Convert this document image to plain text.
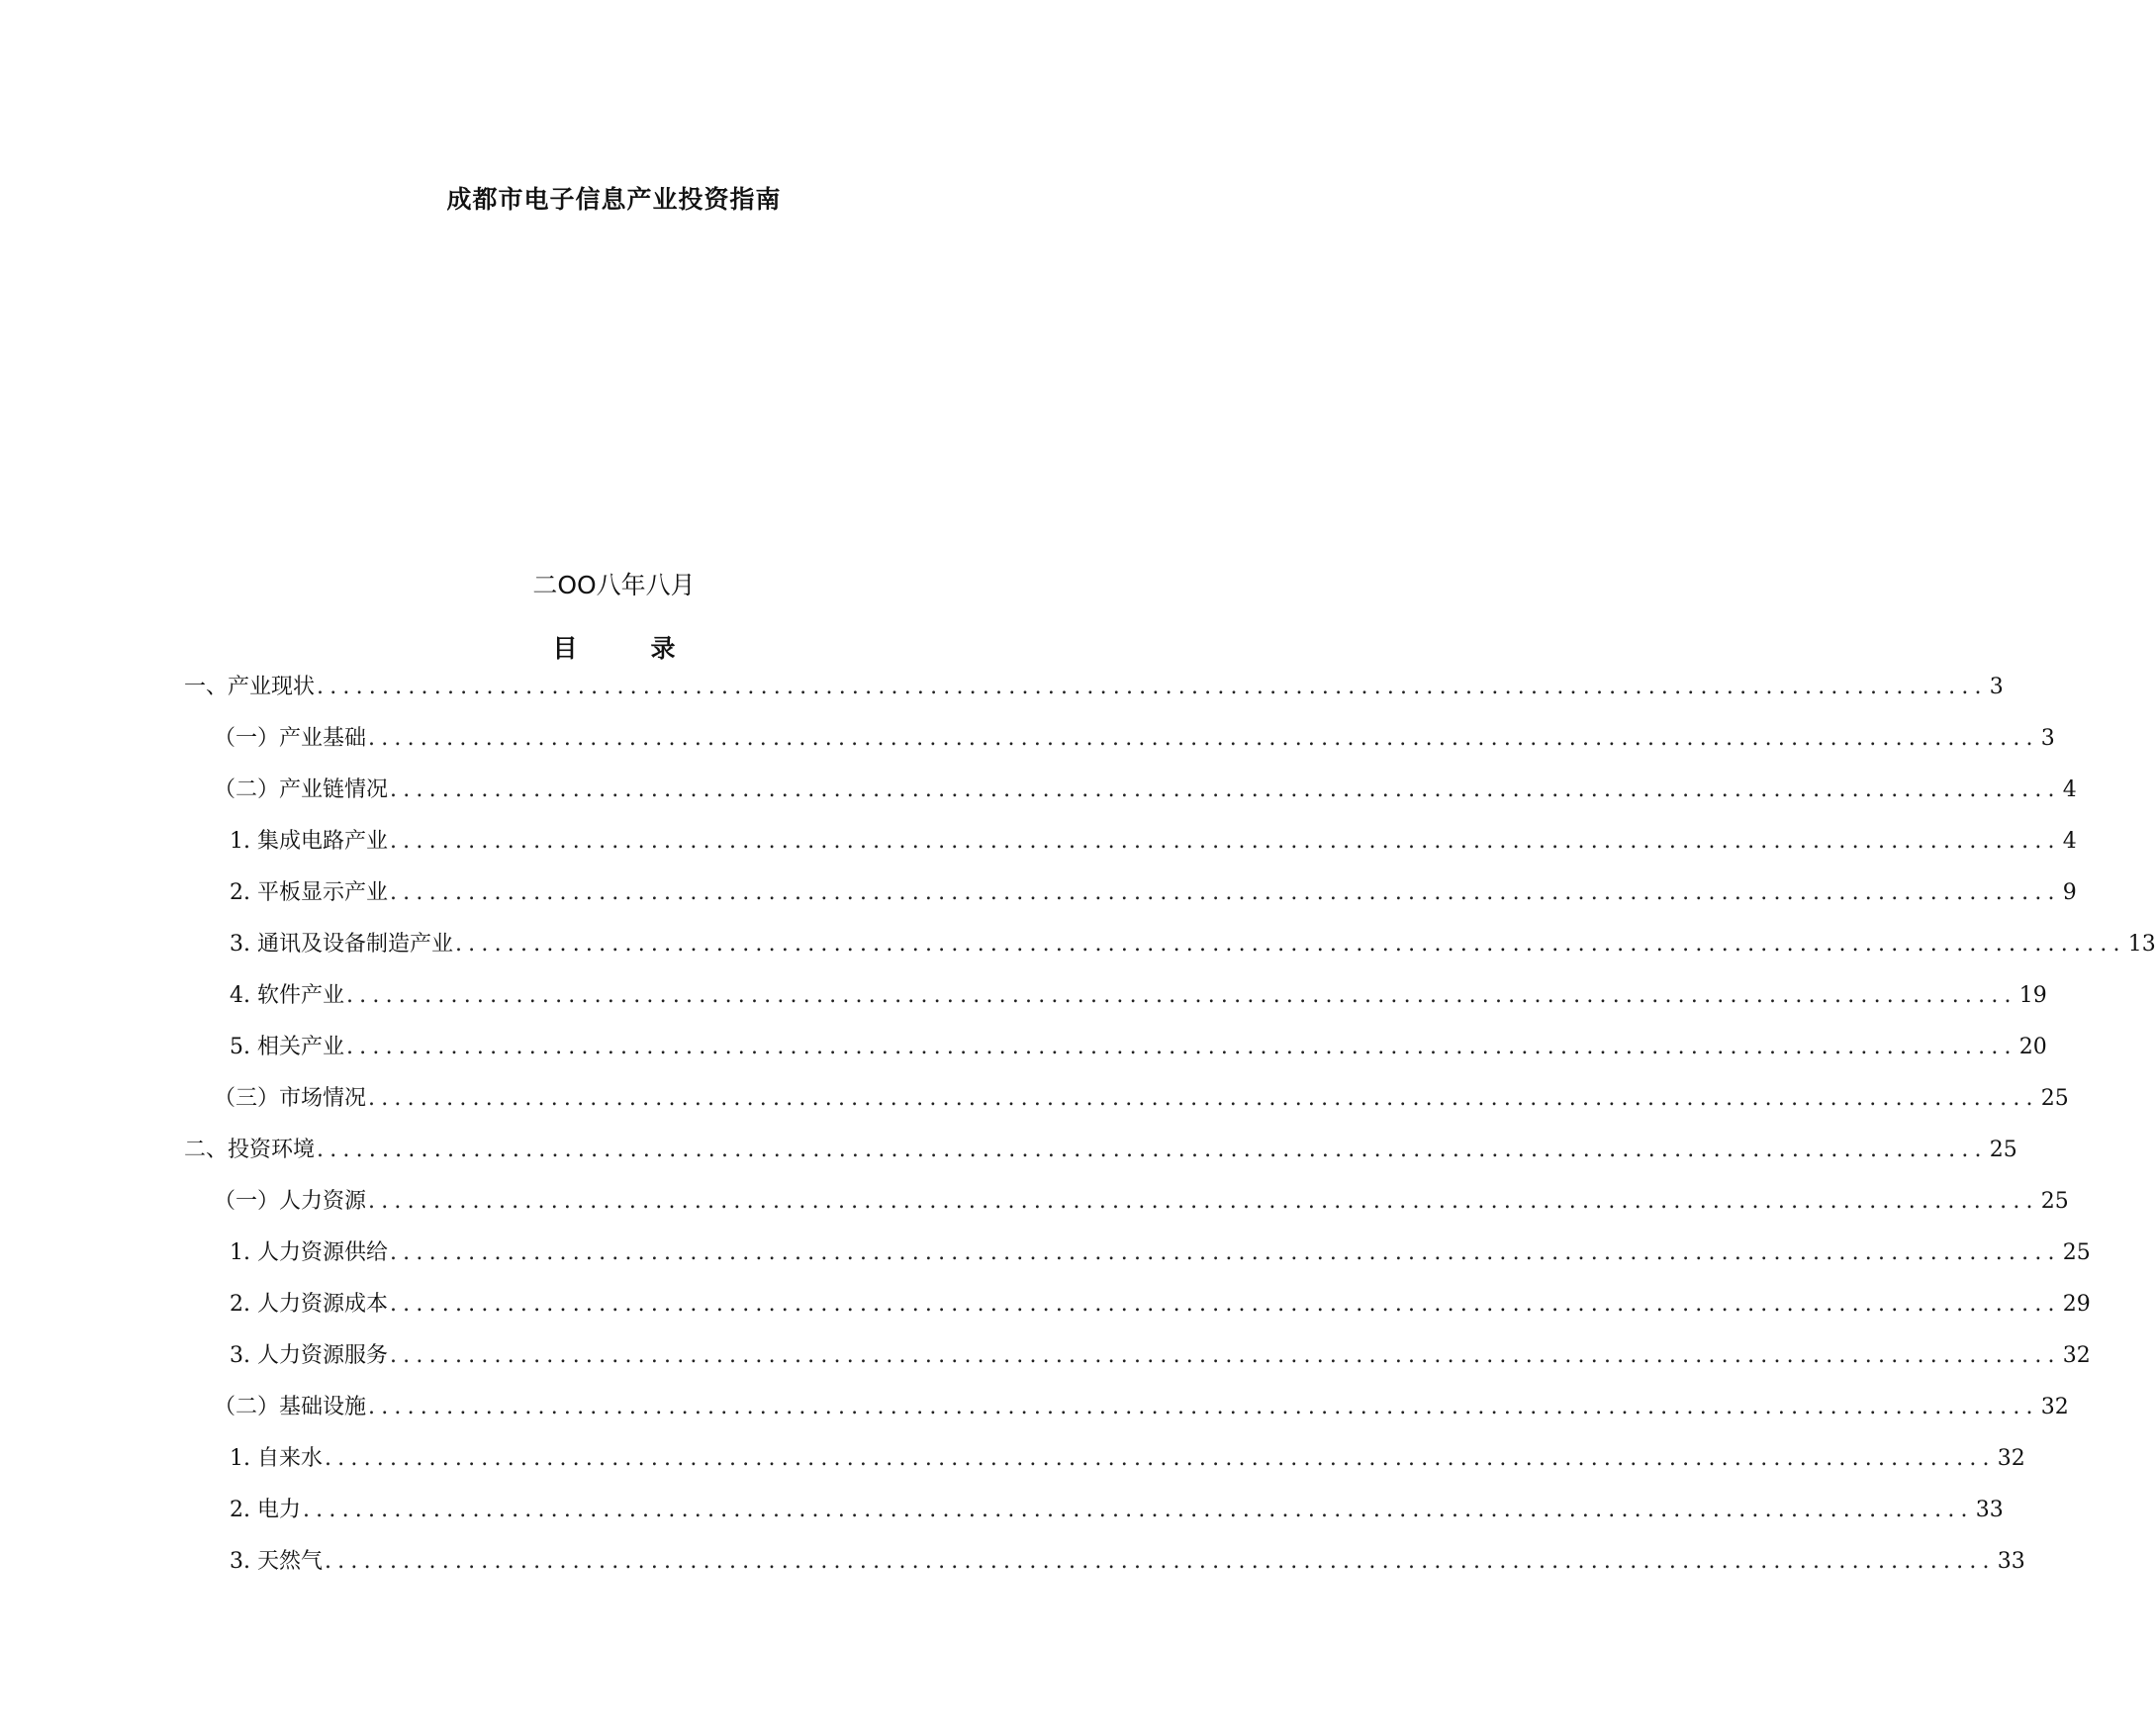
成都市电子信息产业投资指南
二OO八年八月
目	录
一、产业现状 ................................................................................................................................ 3
（一）产业基础 ................................................................................................................................ 3
（二）产业链情况 ................................................................................................................................ 4
1. 集成电路产业 ................................................................................................................................ 4
2. 平板显示产业 ................................................................................................................................ 9
3. 通讯及设备制造产业 ................................................................................................................................ 13
4. 软件产业 ................................................................................................................................ 19
5. 相关产业 ................................................................................................................................ 20
（三）市场情况 ................................................................................................................................ 25
二、投资环境 ................................................................................................................................ 25
（一）人力资源 ................................................................................................................................ 25
1. 人力资源供给 ................................................................................................................................ 25
2. 人力资源成本 ................................................................................................................................ 29
3. 人力资源服务 ................................................................................................................................ 32
（二）基础设施 ................................................................................................................................ 32
1. 自来水 ................................................................................................................................ 32
2. 电力 ................................................................................................................................ 33
3. 天然气 ................................................................................................................................ 33
